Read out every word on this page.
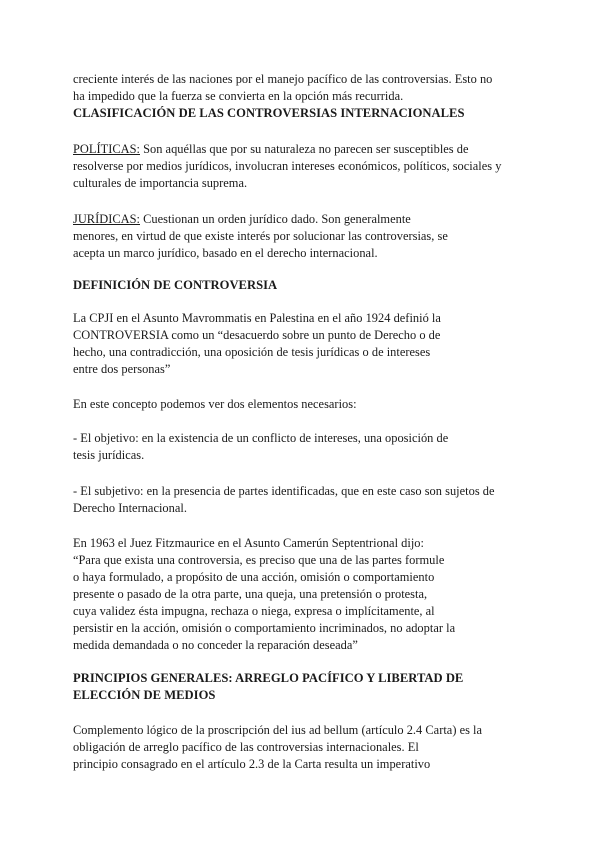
creciente interés de las naciones por el manejo pacífico de las controversias. Esto no
ha impedido que la fuerza se convierta en la opción más recurrida.
CLASIFICACIÓN DE LAS CONTROVERSIAS INTERNACIONALES
POLÍTICAS: Son aquéllas que por su naturaleza no parecen ser susceptibles de
resolverse por medios jurídicos, involucran intereses económicos, políticos, sociales y
culturales de importancia suprema.
JURÍDICAS: Cuestionan un orden jurídico dado. Son generalmente
menores, en virtud de que existe interés por solucionar las controversias, se
acepta un marco jurídico, basado en el derecho internacional.
DEFINICIÓN DE CONTROVERSIA
La CPJI en el Asunto Mavrommatis en Palestina en el año 1924 definió la
CONTROVERSIA como un “desacuerdo sobre un punto de Derecho o de
hecho, una contradicción, una oposición de tesis jurídicas o de intereses
entre dos personas”
En este concepto podemos ver dos elementos necesarios:
- El objetivo: en la existencia de un conflicto de intereses, una oposición de
tesis jurídicas.
- El subjetivo: en la presencia de partes identificadas, que en este caso son sujetos de
Derecho Internacional.
En 1963 el Juez Fitzmaurice en el Asunto Camerún Septentrional dijo:
“Para que exista una controversia, es preciso que una de las partes formule
o haya formulado, a propósito de una acción, omisión o comportamiento
presente o pasado de la otra parte, una queja, una pretensión o protesta,
cuya validez ésta impugna, rechaza o niega, expresa o implícitamente, al
persistir en la acción, omisión o comportamiento incriminados, no adoptar la
medida demandada o no conceder la reparación deseada”
PRINCIPIOS GENERALES: ARREGLO PACÍFICO Y LIBERTAD DE
ELECCIÓN DE MEDIOS
Complemento lógico de la proscripción del ius ad bellum (artículo 2.4 Carta) es la
obligación de arreglo pacífico de las controversias internacionales. El
principio consagrado en el artículo 2.3 de la Carta resulta un imperativo
